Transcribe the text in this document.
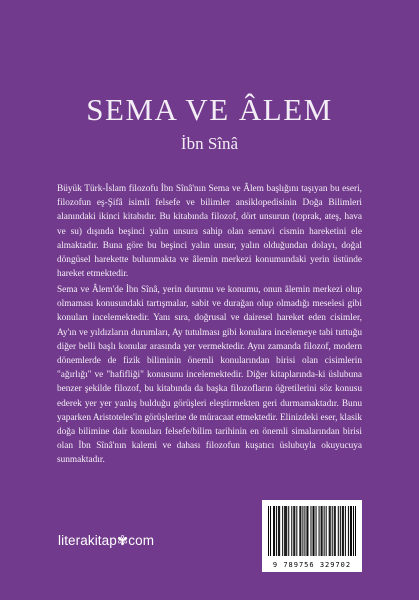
SEMA VE ÂLEM
İbn Sînâ

Büyük Türk-İslam filozofu İbn Sînâ'nın Sema ve Âlem başlığını taşıyan bu eseri, filozofun eş-Şifâ isimli felsefe ve bilimler ansiklopedisinin Doğa Bilimleri alanındaki ikinci kitabıdır. Bu kitabında filozof, dört unsurun (toprak, ateş, hava ve su) dışında beşinci yalın unsura sahip olan semavi cismin hareketini ele almaktadır. Buna göre bu beşinci yalın unsur, yalın olduğundan dolayı, doğal döngüsel harekette bulunmakta ve âlemin merkezi konumundaki yerin üstünde hareket etmektedir.

Sema ve Âlem'de İbn Sînâ, yerin durumu ve konumu, onun âlemin merkezi olup olmaması konusundaki tartışmalar, sabit ve durağan olup olmadığı meselesi gibi konuları incelemektedir. Yanı sıra, doğrusal ve dairesel hareket eden cisimler, Ay'ın ve yıldızların durumları, Ay tutulması gibi konulara incelemeye tabi tuttuğu diğer belli başlı konular arasında yer vermektedir. Aynı zamanda filozof, modern dönemlerde de fizik biliminin önemli konularından birisi olan cisimlerin "ağırlığı" ve "hafifliği" konusunu incelemektedir. Diğer kitaplarında-ki üslubuna benzer şekilde filozof, bu kitabında da başka filozofların öğretilerini söz konusu ederek yer yer yanlış bulduğu görüşleri eleştirmekten geri durmamaktadır. Bunu yaparken Aristoteles'in görüşlerine de müracaat etmektedir. Elinizdeki eser, klasik doğa bilimine dair konuları felsefe/bilim tarihinin en önemli simalarından birisi olan İbn Sînâ'nın kalemi ve dahası filozofun kuşatıcı üslubuyla okuyucuya sunmaktadır.

literakitap✾com
9 789756 329702
